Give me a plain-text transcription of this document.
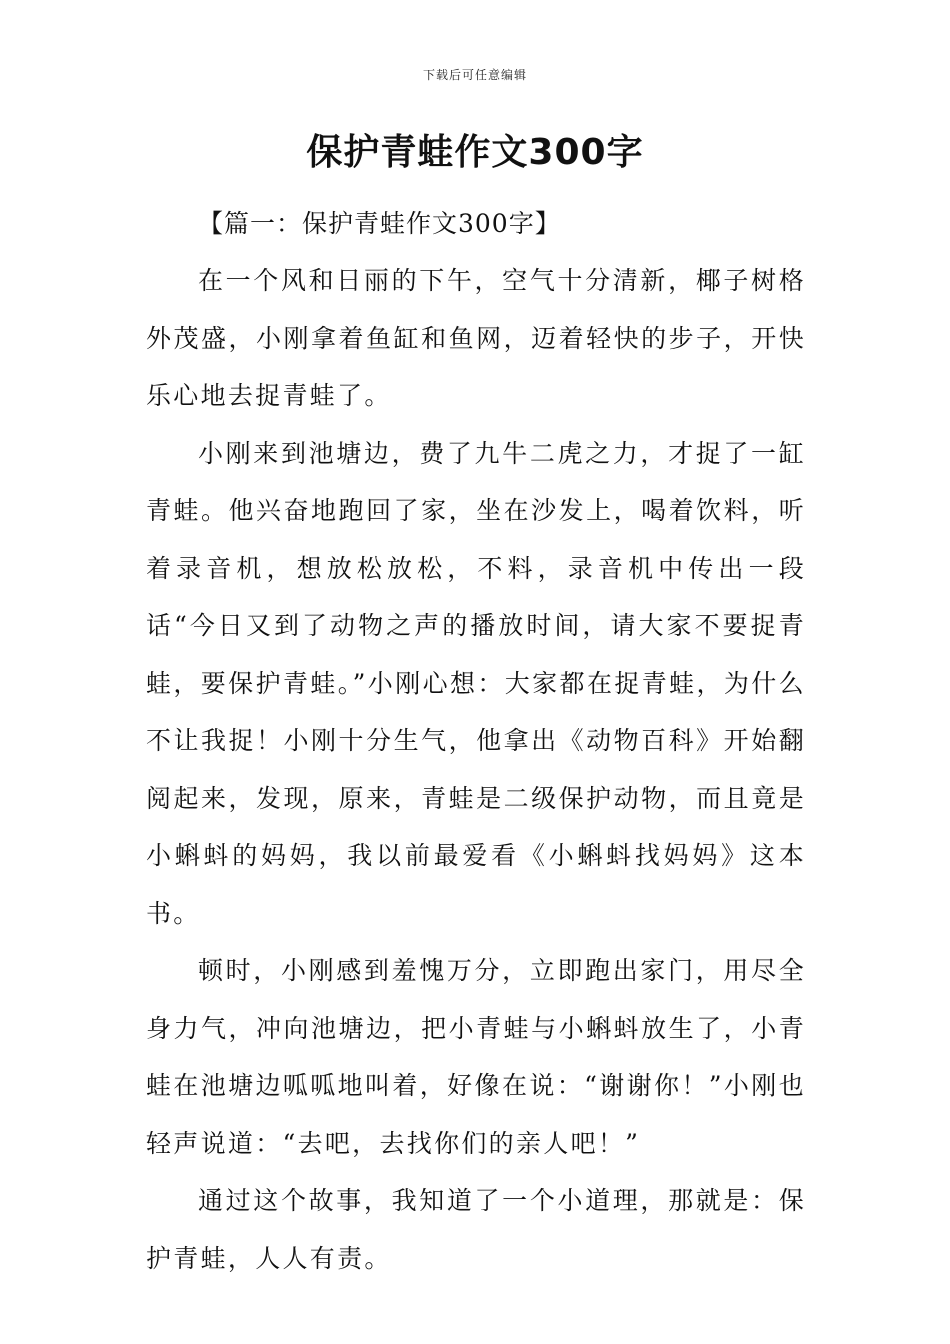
下载后可任意编辑
保护青蛙作文300字

【篇一：保护青蛙作文300字】

在一个风和日丽的下午，空气十分清新，椰子树格外茂盛，小刚拿着鱼缸和鱼网，迈着轻快的步子，开快乐心地去捉青蛙了。

小刚来到池塘边，费了九牛二虎之力，才捉了一缸青蛙。他兴奋地跑回了家，坐在沙发上，喝着饮料，听着录音机，想放松放松，不料，录音机中传出一段话“今日又到了动物之声的播放时间，请大家不要捉青蛙，要保护青蛙。”小刚心想：大家都在捉青蛙，为什么不让我捉！小刚十分生气，他拿出《动物百科》开始翻阅起来，发现，原来，青蛙是二级保护动物，而且竟是小蝌蚪的妈妈，我以前最爱看《小蝌蚪找妈妈》这本书。

顿时，小刚感到羞愧万分，立即跑出家门，用尽全身力气，冲向池塘边，把小青蛙与小蝌蚪放生了，小青蛙在池塘边呱呱地叫着，好像在说：“谢谢你！”小刚也轻声说道：“去吧，去找你们的亲人吧！”

通过这个故事，我知道了一个小道理，那就是：保护青蛙，人人有责。
